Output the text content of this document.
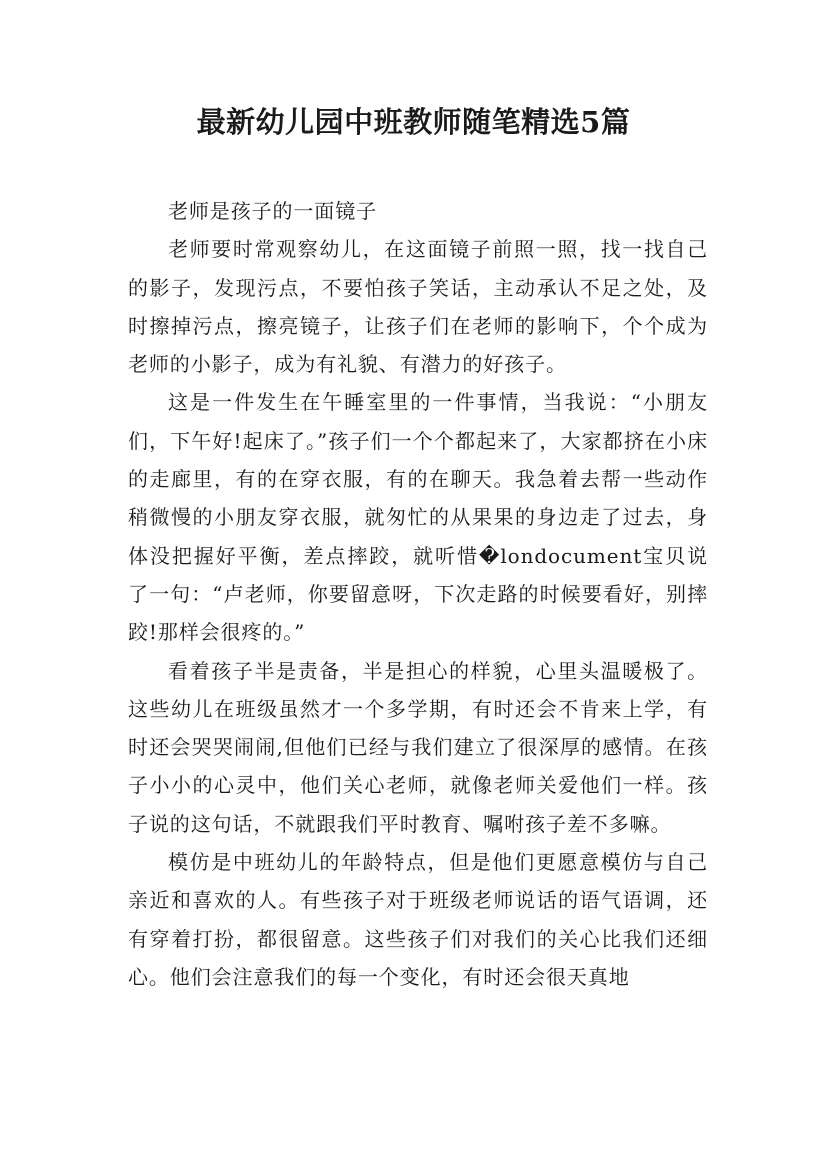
最新幼儿园中班教师随笔精选5篇

老师是孩子的一面镜子

老师要时常观察幼儿，在这面镜子前照一照，找一找自己的影子，发现污点，不要怕孩子笑话，主动承认不足之处，及时擦掉污点，擦亮镜子，让孩子们在老师的影响下，个个成为老师的小影子，成为有礼貌、有潜力的好孩子。

这是一件发生在午睡室里的一件事情，当我说：“小朋友们，下午好!起床了。”孩子们一个个都起来了，大家都挤在小床的走廊里，有的在穿衣服，有的在聊天。我急着去帮一些动作稍微慢的小朋友穿衣服，就匆忙的从果果的身边走了过去，身体没把握好平衡，差点摔跤，就听惜�londocument宝贝说了一句：“卢老师，你要留意呀，下次走路的时候要看好，别摔跤!那样会很疼的。”

看着孩子半是责备，半是担心的样貌，心里头温暖极了。这些幼儿在班级虽然才一个多学期，有时还会不肯来上学，有时还会哭哭闹闹,但他们已经与我们建立了很深厚的感情。在孩子小小的心灵中，他们关心老师，就像老师关爱他们一样。孩子说的这句话，不就跟我们平时教育、嘱咐孩子差不多嘛。

模仿是中班幼儿的年龄特点，但是他们更愿意模仿与自己亲近和喜欢的人。有些孩子对于班级老师说话的语气语调，还有穿着打扮，都很留意。这些孩子们对我们的关心比我们还细心。他们会注意我们的每一个变化，有时还会很天真地
